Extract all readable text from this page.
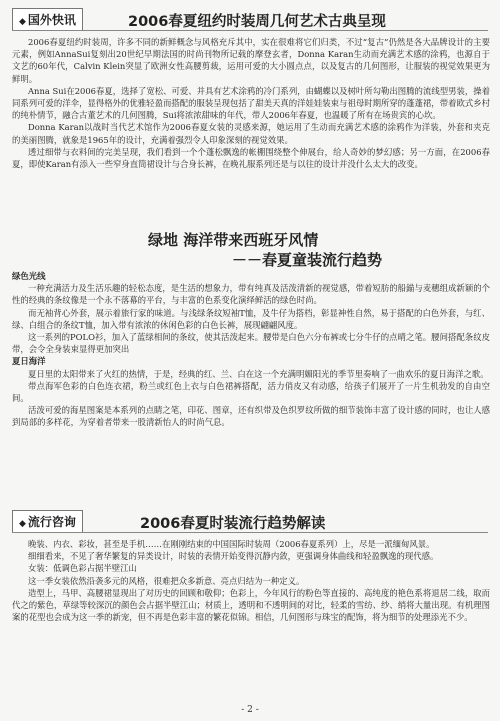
◆ 国外快讯	2006春夏纽约时装周几何艺术古典呈现

2006春夏纽约时装周，许多不同的新鲜概念与风格充斥其中，实在很难将它们归类，不过“复古”仍然是各大品牌设计的主要元素，例如AnnaSui复刻出20世纪早期法国的时尚刊物所记载的摩登玄者，Donna Karan生动而充满艺术感的涂鸦，也源自于文艺的60年代，Calvin Klein突显了欧洲女性高腰剪裁，运用可爱的大小圆点点，以及复古的几何图形，让服装的视觉效果更为鲜明。

Anna Sui在2006春夏，选择了宽松、可爱、并具有艺术涂鸦的冷门系列，由蝴蝶以及树叶所勾勒出图腾的流线型男装，操着同系列可爱的洋伞，显得格外的优雅轻盈而搭配的服装呈现包括了甜美天真的洋娃娃装束与祖母时期所穿的蓬蓬裙，带着欧式乡村的纯朴情节，融合古董艺术的几何图腾，Sui将浓浓甜味的年代，带人2006年春夏，也温暖了所有在场贵宾的心坎。

Donna Karan以战时当代艺术馆作为2006春夏女装的灵感来源，她运用了生动而充满艺术感的涂鸦作为洋装，外套和夹克的美丽图腾，就象是1965年的设计，充满着强烈令人印象深刻的视觉效果。

透过细带与衣料间的完美呈现，我们看到一个个蓬松飘逸的帐棚围绕整个伸展台，给人奇妙的梦幻感；另一方面，在2006春夏，即使Karan有添入一些窄身直筒裙设计与合身长裤，在晚礼服系列还是与以往的设计并没什么太大的改变。

绿地 海洋带来西班牙风情
－－春夏童装流行趋势

绿色光线

一种充满活力及生活乐趣的轻松态度，是生活的想象力，带有纯真及活泼清新的视觉感，带着短肪的船錨与麦穗组成新颖的个性的经典的条纹像是一个永不落幕的平台，与丰富的色系变化演绎鲜活的绿色时尚。

而无袖背心外套，展示着旅行家的味道。与浅绿条纹短袖T恤，及牛仔为搭档，彰显神性自然，易于搭配的白色外套，与红、绿、白组合的条纹T恤，加入带有浓浓的休闲色彩的白色长裤，展现翩翩风度。

这一系列的POLO衫，加入了蓝绿相间的条纹，使其活泼起来。腰带是白色六分布裤或七分牛仔的点晴之笔。腰间搭配条纹皮带，会令全身装束显得更加突出

夏日海洋

夏日里的太阳带来了火红的热情，于是，经典的红、兰、白在这一个充满明媚阳光的季节里奏响了一曲欢乐的夏日海洋之歌。

带点海军色彩的白色连衣裙，粉兰或红色上衣与白色裙裤搭配，活力俏皮又有动感，给孩子们展开了一片生机勃发的自由空间。

活泼可爱的海星图案是本系列的点睛之笔，印花、图章，还有织带及色织罗纹所做的细节装饰丰富了设计感的同时，也让人感到局部的多样花，为穿着者带来一股清新怡人的时尚气息。

◆ 流行咨询	2006春夏时装流行趋势解读

晚装、内衣、彩妆，甚至是手机……在刚刚结束的中国国际时装周（2006春夏系列）上，尽是一派缅甸风景。

细细看来，不见了奢华繁复的异类设计，时装的表情开始变得沉静内敛，更强调身体曲线和轻盈飘逸的现代感。

女装：低调色彩占据半壁江山

这一季女装依然沿袭多元的风格，很难把众多新意、亮点归结为一种定义。

造型上，马甲、高腰裙显现出了对历史的回顾和敬仰；色彩上，今年风行的粉色等直接的、高纯度的艳色系将退居二线，取而代之的紫色，草绿等较深沉的颜色会占据半壁江山；材质上，透明和不透明间的对比，轻柔的雪纺、纱、绡将大量出现。有机理图案的花型也会成为这一季的新宠，但不再是色彩丰富的繁花似锦。相信，几何图形与珠宝的配饰，将为细节的处理添光不少。

- 2 -
